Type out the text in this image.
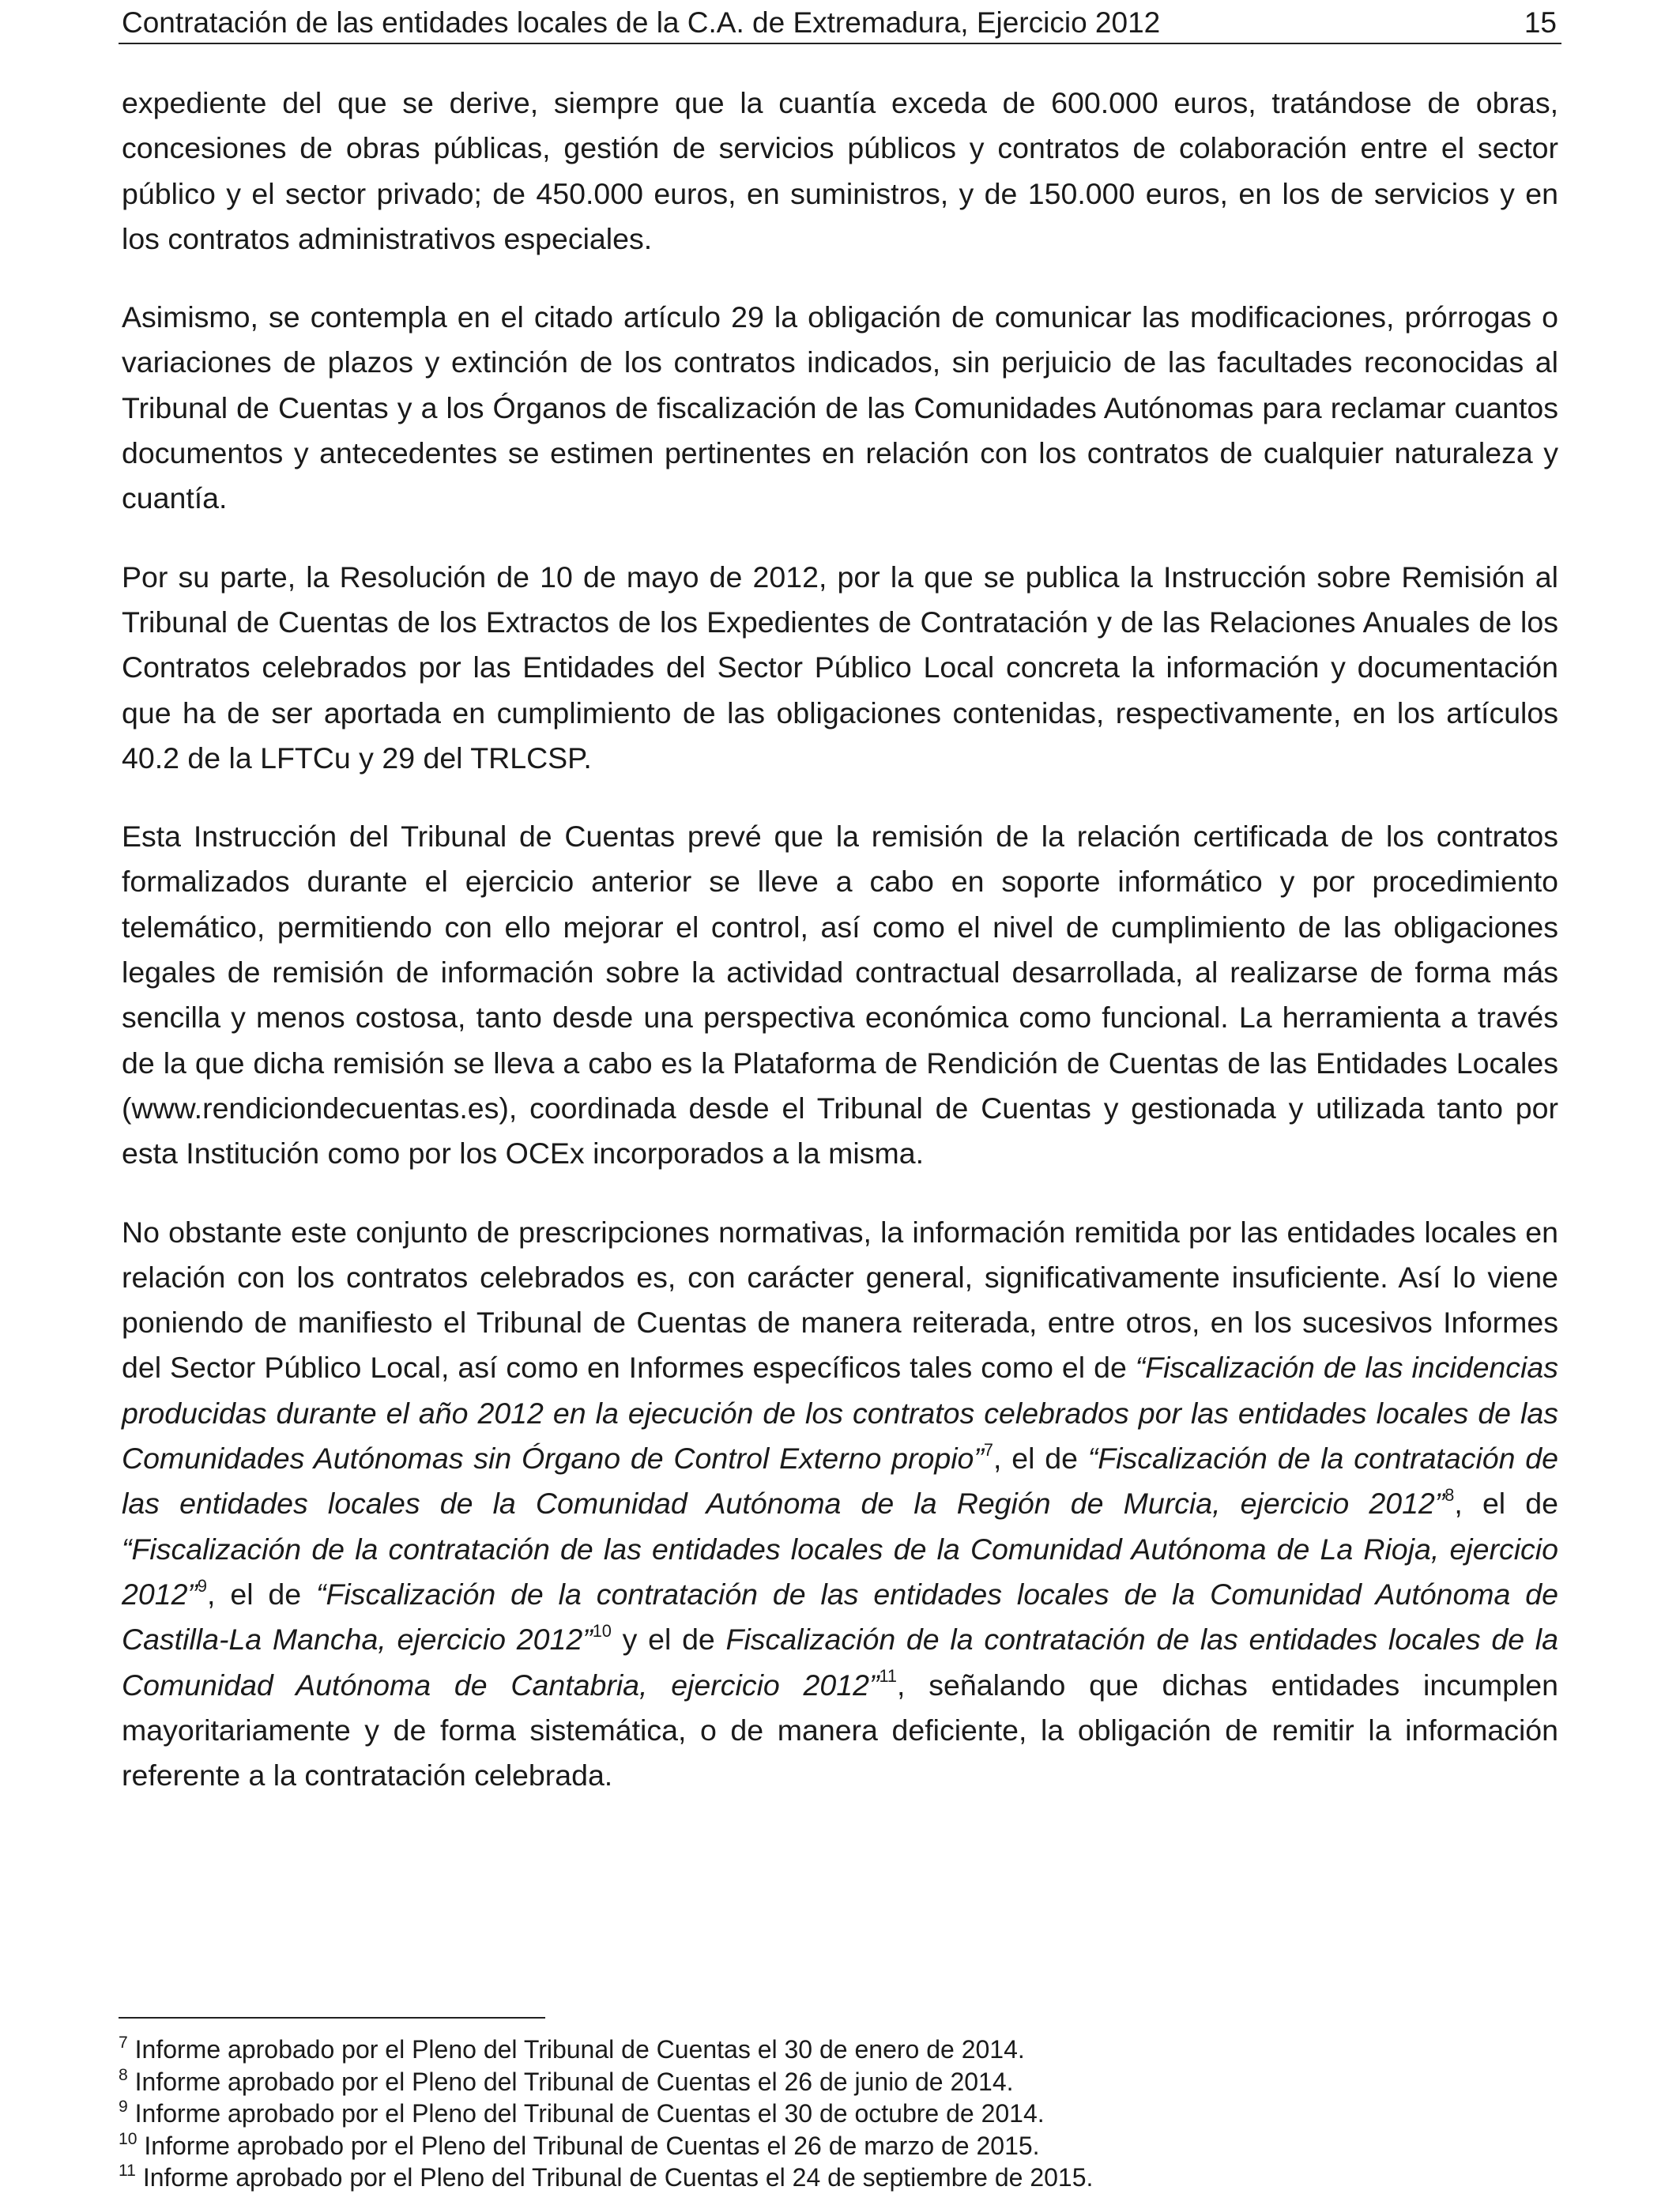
Contratación de las entidades locales de la C.A. de Extremadura, Ejercicio 2012	15

expediente del que se derive, siempre que la cuantía exceda de 600.000 euros, tratándose de obras, concesiones de obras públicas, gestión de servicios públicos y contratos de colaboración entre el sector público y el sector privado; de 450.000 euros, en suministros, y de 150.000 euros, en los de servicios y en los contratos administrativos especiales.

Asimismo, se contempla en el citado artículo 29 la obligación de comunicar las modificaciones, prórrogas o variaciones de plazos y extinción de los contratos indicados, sin perjuicio de las facultades reconocidas al Tribunal de Cuentas y a los Órganos de fiscalización de las Comunidades Autónomas para reclamar cuantos documentos y antecedentes se estimen pertinentes en relación con los contratos de cualquier naturaleza y cuantía.

Por su parte, la Resolución de 10 de mayo de 2012, por la que se publica la Instrucción sobre Remisión al Tribunal de Cuentas de los Extractos de los Expedientes de Contratación y de las Relaciones Anuales de los Contratos celebrados por las Entidades del Sector Público Local concreta la información y documentación que ha de ser aportada en cumplimiento de las obligaciones contenidas, respectivamente, en los artículos 40.2 de la LFTCu y 29 del TRLCSP.

Esta Instrucción del Tribunal de Cuentas prevé que la remisión de la relación certificada de los contratos formalizados durante el ejercicio anterior se lleve a cabo en soporte informático y por procedimiento telemático, permitiendo con ello mejorar el control, así como el nivel de cumplimiento de las obligaciones legales de remisión de información sobre la actividad contractual desarrollada, al realizarse de forma más sencilla y menos costosa, tanto desde una perspectiva económica como funcional. La herramienta a través de la que dicha remisión se lleva a cabo es la Plataforma de Rendición de Cuentas de las Entidades Locales (www.rendiciondecuentas.es), coordinada desde el Tribunal de Cuentas y gestionada y utilizada tanto por esta Institución como por los OCEx incorporados a la misma.

No obstante este conjunto de prescripciones normativas, la información remitida por las entidades locales en relación con los contratos celebrados es, con carácter general, significativamente insuficiente. Así lo viene poniendo de manifiesto el Tribunal de Cuentas de manera reiterada, entre otros, en los sucesivos Informes del Sector Público Local, así como en Informes específicos tales como el de “Fiscalización de las incidencias producidas durante el año 2012 en la ejecución de los contratos celebrados por las entidades locales de las Comunidades Autónomas sin Órgano de Control Externo propio”$^7$, el de “Fiscalización de la contratación de las entidades locales de la Comunidad Autónoma de la Región de Murcia, ejercicio 2012”$^8$, el de “Fiscalización de la contratación de las entidades locales de la Comunidad Autónoma de La Rioja, ejercicio 2012”$^9$, el de “Fiscalización de la contratación de las entidades locales de la Comunidad Autónoma de Castilla-La Mancha, ejercicio 2012”$^{10}$ y el de Fiscalización de la contratación de las entidades locales de la Comunidad Autónoma de Cantabria, ejercicio 2012”$^{11}$, señalando que dichas entidades incumplen mayoritariamente y de forma sistemática, o de manera deficiente, la obligación de remitir la información referente a la contratación celebrada.

$^7$ Informe aprobado por el Pleno del Tribunal de Cuentas el 30 de enero de 2014.
$^8$ Informe aprobado por el Pleno del Tribunal de Cuentas el 26 de junio de 2014.
$^9$ Informe aprobado por el Pleno del Tribunal de Cuentas el 30 de octubre de 2014.
$^{10}$ Informe aprobado por el Pleno del Tribunal de Cuentas el 26 de marzo de 2015.
$^{11}$ Informe aprobado por el Pleno del Tribunal de Cuentas el 24 de septiembre de 2015.
